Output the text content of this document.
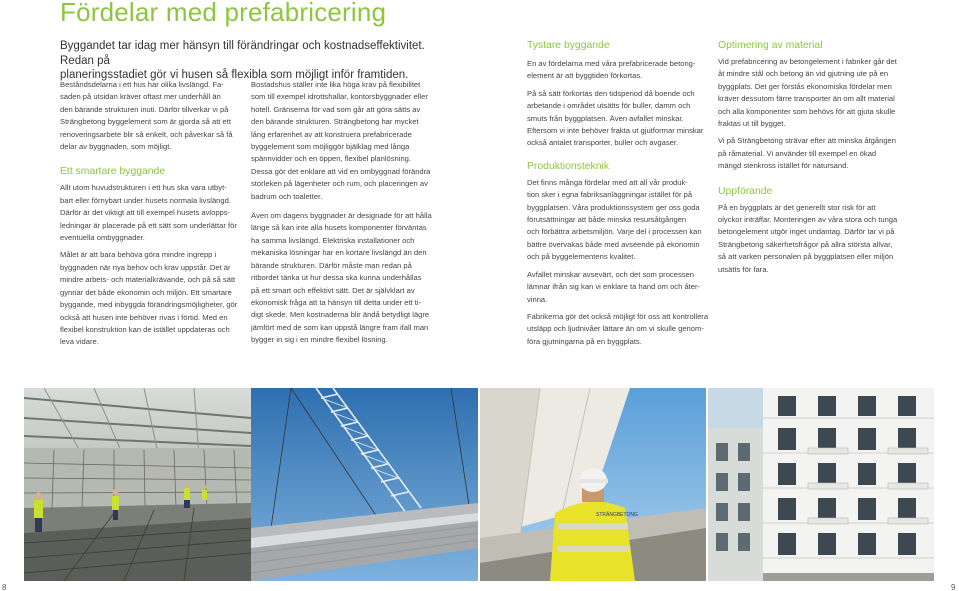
Fördelar med prefabricering
Byggandet tar idag mer hänsyn till förändringar och kostnadseffektivitet. Redan på
planeringsstadiet gör vi husen så flexibla som möjligt inför framtiden.

Beståndsdelarna i ett hus har olika livslängd. Fa-
saden på utsidan kräver oftast mer underhåll än
den bärande strukturen inuti. Därför tillverkar vi på
Strängbetong byggelement som är gjorda så att ett
renoveringsarbete blir så enkelt, och påverkar så få
delar av byggnaden, som möjligt.

Ett smartare byggande

Allt utom huvudstrukturen i ett hus ska vara utbyt-
bart eller förnybart under husets normala livslängd.
Därför är det viktigt att till exempel husets avlopps-
ledningar är placerade på ett sätt som underlättar för
eventuella ombyggnader.

Målet är att bara behöva göra mindre ingrepp i
byggnaden när nya behov och krav uppstår. Det är
mindre arbets- och materialkrävande, och på så sätt
gynnar det både ekonomin och miljön. Ett smartare
byggande, med inbyggda förändringsmöjligheter, gör
också att husen inte behöver rivas i förtid. Med en
flexibel konstruktion kan de istället uppdateras och
leva vidare.

Bostadshus ställer inte lika höga krav på flexibilitet
som till exempel idrottshallar, kontorsbyggnader eller
hotell. Gränserna för vad som går att göra sätts av
den bärande strukturen. Strängbetong har mycket
lång erfarenhet av att konstruera prefabricerade
byggelement som möjliggör bjälklag med långa
spännvidder och en öppen, flexibel planlösning.
Dessa gör det enklare att vid en ombyggnad förändra
storleken på lägenheter och rum, och placeringen av
badrum och toaletter.

Även om dagens byggnader är designade för att hålla
länge så kan inte alla husets komponenter förväntas
ha samma livslängd. Elektriska installationer och
mekaniska lösningar har en kortare livslängd än den
bärande strukturen. Därför måste man redan på
ritbordet tänka ut hur dessa ska kunna underhållas
på ett smart och effektivt sätt. Det är självklart av
ekonomisk fråga att ta hänsyn till detta under ett ti-
digt skede. Men kostnaderna blir ändå betydligt lägre
jämfört med de som kan uppstå längre fram ifall man
bygger in sig i en mindre flexibel lösning.

Tystare byggande

En av fördelarna med våra prefabricerade betong-
element är att byggtiden förkortas.

På så sätt förkortas den tidsperiod då boende och
arbetande i området utsätts för buller, damm och
smuts från byggplatsen. Även avfallet minskar.
Eftersom vi inte behöver frakta ut gjutformar minskar
också antalet transporter, buller och avgaser.

Produktionsteknik

Det finns många fördelar med att all vår produk-
tion sker i egna fabriksanläggningar istället för på
byggplatsen. Våra produktionssystem ger oss goda
förutsättningar att både minska resursåtgången
och förbättra arbetsmiljön. Varje del i processen kan
bättre övervakas både med avseende på ekonomin
och på byggelementens kvalitet.

Avfallet minskar avsevärt, och det som processen
lämnar ifrån sig kan vi enklare ta hand om och åter-
vinna.

Fabrikerna gör det också möjligt för oss att kontrollera
utsläpp och ljudnivåer lättare än om vi skulle genom-
föra gjutningarna på en byggplats.

Optimering av material

Vid prefabricering av betongelement i fabriker går det
åt mindre stål och betong än vid gjutning ute på en
byggplats. Det ger förstås ekonomiska fördelar men
kräver dessutom färre transporter än om allt material
och alla komponenter som behövs för att gjuta skulle
fraktas ut till bygget.

Vi på Strängbetong strävar efter att minska åtgången
på råmaterial. Vi använder till exempel en ökad
mängd stenkross istället för natursand.

Uppförande

På en byggplats är det generellt stor risk för att
olyckor inträffar. Monteringen av våra stora och tunga
betongelement utgör inget undantag. Därför tar vi på
Strängbetong säkerhetsfrågor på allra största allvar,
så att varken personalen på byggplatsen eller miljön
utsätts för fara.

STRÄNGBETONG
8	9
